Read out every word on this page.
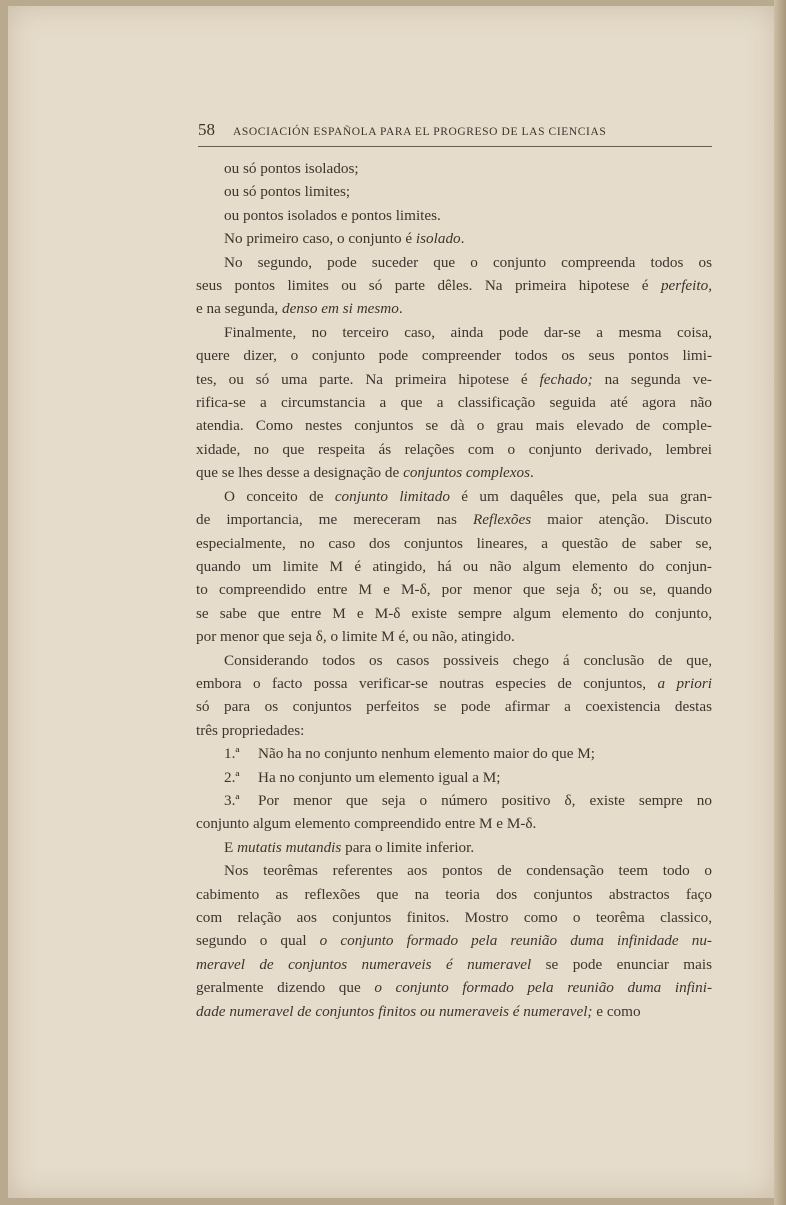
58 ASOCIACIÓN ESPAÑOLA PARA EL PROGRESO DE LAS CIENCIAS
ou só pontos isolados;
ou só pontos limites;
ou pontos isolados e pontos limites.
No primeiro caso, o conjunto é isolado.
No segundo, pode suceder que o conjunto compreenda todos os
seus pontos limites ou só parte dêles. Na primeira hipotese é perfeito,
e na segunda, denso em si mesmo.
Finalmente, no terceiro caso, ainda pode dar-se a mesma coisa,
quere dizer, o conjunto pode compreender todos os seus pontos limi-
tes, ou só uma parte. Na primeira hipotese é fechado; na segunda ve-
rifica-se a circumstancia a que a classificação seguida até agora não
atendia. Como nestes conjuntos se dà o grau mais elevado de comple-
xidade, no que respeita ás relações com o conjunto derivado, lembrei
que se lhes desse a designação de conjuntos complexos.
O conceito de conjunto limitado é um daquêles que, pela sua gran-
de importancia, me mereceram nas Reflexões maior atenção. Discuto
especialmente, no caso dos conjuntos lineares, a questão de saber se,
quando um limite M é atingido, há ou não algum elemento do conjun-
to compreendido entre M e M-δ, por menor que seja δ; ou se, quando
se sabe que entre M e M-δ existe sempre algum elemento do conjunto,
por menor que seja δ, o limite M é, ou não, atingido.
Considerando todos os casos possiveis chego á conclusão de que,
embora o facto possa verificar-se noutras especies de conjuntos, a priori
só para os conjuntos perfeitos se pode afirmar a coexistencia destas
três propriedades:
1.ª Não ha no conjunto nenhum elemento maior do que M;
2.ª Ha no conjunto um elemento igual a M;
3.ª Por menor que seja o número positivo δ, existe sempre no
conjunto algum elemento compreendido entre M e M-δ.
E mutatis mutandis para o limite inferior.
Nos teorêmas referentes aos pontos de condensação teem todo o
cabimento as reflexões que na teoria dos conjuntos abstractos faço
com relação aos conjuntos finitos. Mostro como o teorêma classico,
segundo o qual o conjunto formado pela reunião duma infinidade nu-
meravel de conjuntos numeraveis é numeravel se pode enunciar mais
geralmente dizendo que o conjunto formado pela reunião duma infini-
dade numeravel de conjuntos finitos ou numeraveis é numeravel; e como
